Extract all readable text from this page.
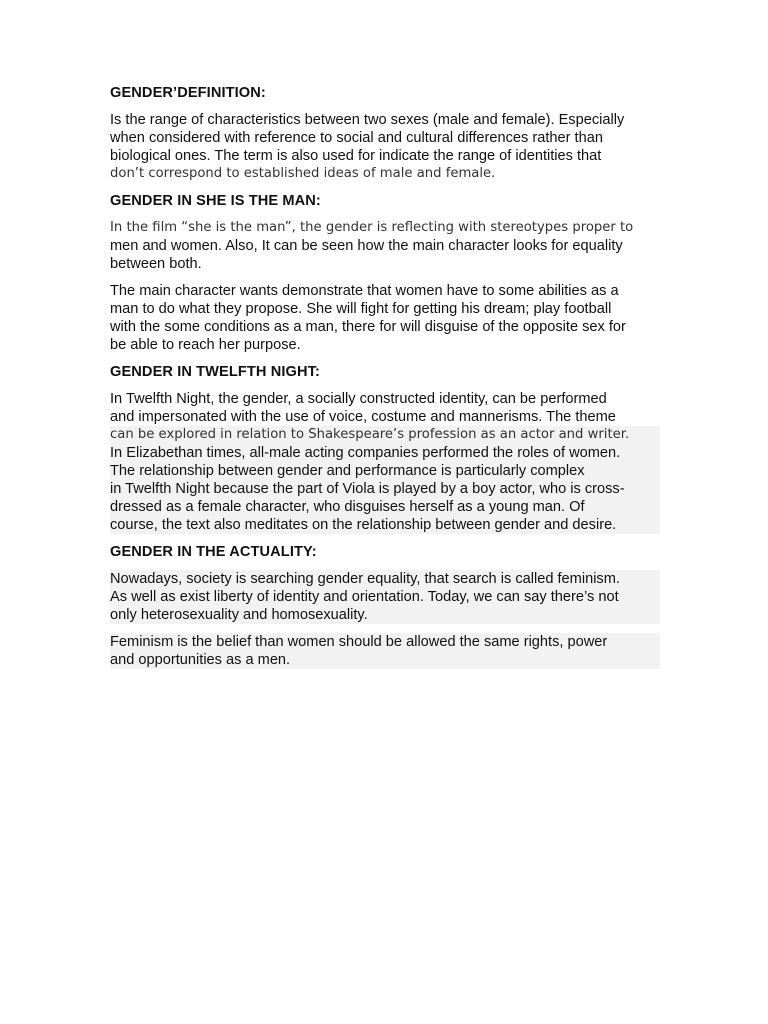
GENDER’DEFINITION:
Is the range of characteristics between two sexes (male and female). Especially
when considered with reference to social and cultural differences rather than
biological ones. The term is also used for indicate the range of identities that
don’t correspond to established ideas of male and female.
GENDER IN SHE IS THE MAN:
In the film “she is the man”, the gender is reflecting with stereotypes proper to
men and women. Also, It can be seen how the main character looks for equality
between both.
The main character wants demonstrate that women have to some abilities as a
man to do what they propose. She will fight for getting his dream; play football
with the some conditions as a man, there for will disguise of the opposite sex for
be able to reach her purpose.
GENDER IN TWELFTH NIGHT:
In Twelfth Night, the gender, a socially constructed identity, can be performed
and impersonated with the use of voice, costume and mannerisms. The theme
can be explored in relation to Shakespeare’s profession as an actor and writer.
In Elizabethan times, all-male acting companies performed the roles of women.
The relationship between gender and performance is particularly complex
in Twelfth Night because the part of Viola is played by a boy actor, who is cross-
dressed as a female character, who disguises herself as a young man. Of
course, the text also meditates on the relationship between gender and desire.
GENDER IN THE ACTUALITY:
Nowadays, society is searching gender equality, that search is called feminism.
As well as exist liberty of identity and orientation. Today, we can say there’s not
only heterosexuality and homosexuality.
Feminism is the belief than women should be allowed the same rights, power
and opportunities as a men.
